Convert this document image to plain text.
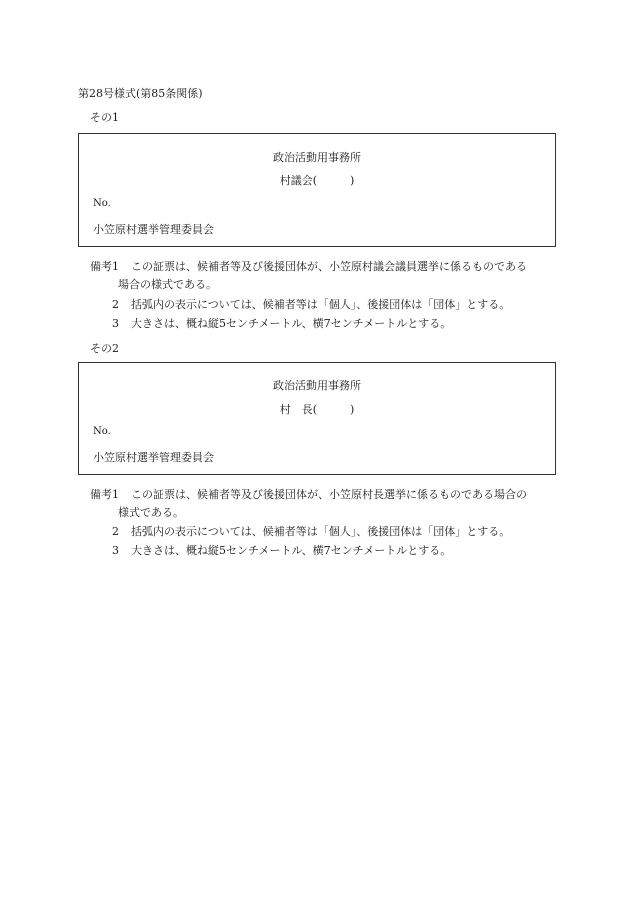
第28号様式(第85条関係)
その1
政治活動用事務所
村議会(　　　)
No.
小笠原村選挙管理委員会
備考1 この証票は、候補者等及び後援団体が、小笠原村議会議員選挙に係るものである
場合の様式である。
2 括弧内の表示については、候補者等は「個人」、後援団体は「団体」とする。
3 大きさは、概ね縦5センチメートル、横7センチメートルとする。
その2
政治活動用事務所
村　長(　　　)
No.
小笠原村選挙管理委員会
備考1 この証票は、候補者等及び後援団体が、小笠原村長選挙に係るものである場合の
様式である。
2 括弧内の表示については、候補者等は「個人」、後援団体は「団体」とする。
3 大きさは、概ね縦5センチメートル、横7センチメートルとする。
